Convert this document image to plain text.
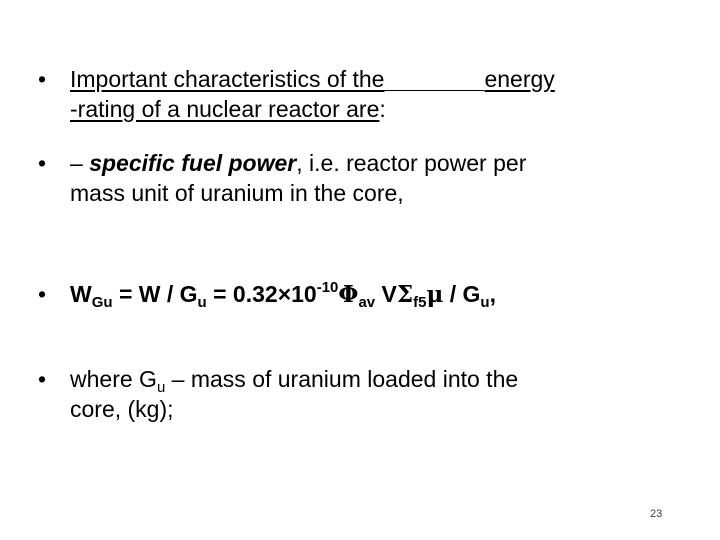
• Important characteristics of the	energy
-rating of a nuclear reactor are:
• – specific fuel power, i.e. reactor power per
mass unit of uranium in the core,
• $W_{Gu} = W / G_u = 0.32\times 10^{-10}\Phi_{av}$ $V\Sigma_{f5}\mu / G_u$,
• where $G_u$ – mass of uranium loaded into the
core, (kg);
23
